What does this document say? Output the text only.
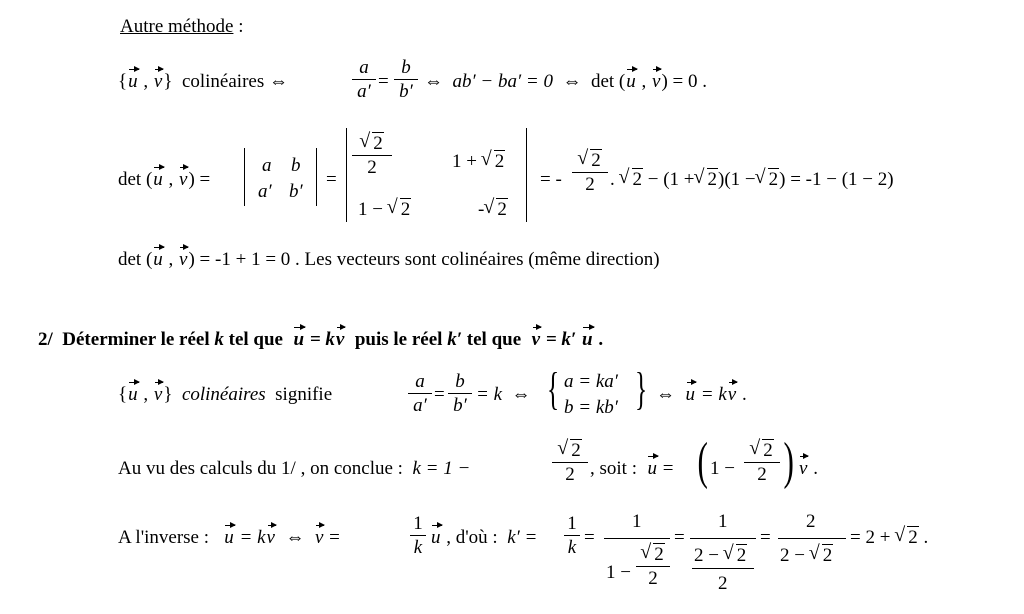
Autre méthode :
{u , v} colinéaires ⇔
a
a′ =
b
b′ ⇔ ab′ − ba′ = 0 ⇔ det (u , v) = 0 .
det (u , v) =
a b
a′ b′
=
√ 2
2	1 + √ 2
1 − √ 2	- √ 2
= -
√ 2
2 . √ 2 − (1 + √ 2)(1 − √ 2) = -1 − (1 − 2)
det (u , v) = -1 + 1 = 0 . Les vecteurs sont colinéaires (même direction)
2/ Déterminer le réel k tel que u = kv puis le réel k′ tel que v = k′ u .
{u , v} colinéaires signifie
a
a′
=
b
b′
= k ⇔ { a = ka′
b = kb′ } ⇔ u = kv .
Au vu des calculs du 1/ , on conclue : k = 1 −
√ 2
2 , soit : u = ( 1 −
√ 2
2 ) v .
A l'inverse : u = kv ⇔ v =
1
k u , d'où : k′ =
1
k =
1
1 −
√ 2
2
=
1
2 − √ 2
2
=
2
2 − √ 2
= 2 + √ 2 .
